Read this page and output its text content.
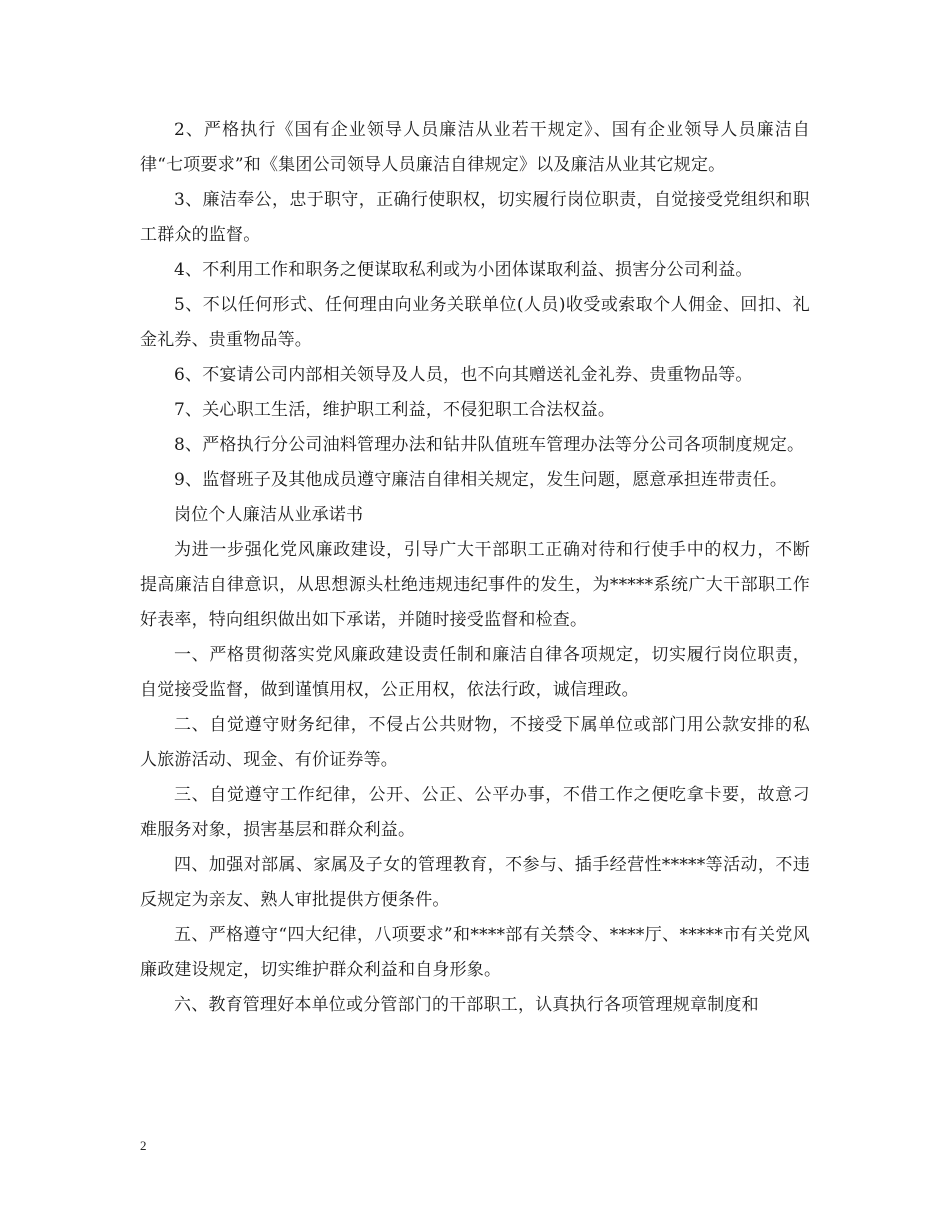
2、严格执行《国有企业领导人员廉洁从业若干规定》、国有企业领导人员廉洁自律“七项要求”和《集团公司领导人员廉洁自律规定》以及廉洁从业其它规定。

3、廉洁奉公，忠于职守，正确行使职权，切实履行岗位职责，自觉接受党组织和职工群众的监督。

4、不利用工作和职务之便谋取私利或为小团体谋取利益、损害分公司利益。

5、不以任何形式、任何理由向业务关联单位(人员)收受或索取个人佣金、回扣、礼金礼券、贵重物品等。

6、不宴请公司内部相关领导及人员，也不向其赠送礼金礼券、贵重物品等。

7、关心职工生活，维护职工利益，不侵犯职工合法权益。

8、严格执行分公司油料管理办法和钻井队值班车管理办法等分公司各项制度规定。

9、监督班子及其他成员遵守廉洁自律相关规定，发生问题，愿意承担连带责任。

岗位个人廉洁从业承诺书

为进一步强化党风廉政建设，引导广大干部职工正确对待和行使手中的权力，不断提高廉洁自律意识，从思想源头杜绝违规违纪事件的发生，为*****系统广大干部职工作好表率，特向组织做出如下承诺，并随时接受监督和检查。

一、严格贯彻落实党风廉政建设责任制和廉洁自律各项规定，切实履行岗位职责，自觉接受监督，做到谨慎用权，公正用权，依法行政，诚信理政。

二、自觉遵守财务纪律，不侵占公共财物，不接受下属单位或部门用公款安排的私人旅游活动、现金、有价证券等。

三、自觉遵守工作纪律，公开、公正、公平办事，不借工作之便吃拿卡要，故意刁难服务对象，损害基层和群众利益。

四、加强对部属、家属及子女的管理教育，不参与、插手经营性*****等活动，不违反规定为亲友、熟人审批提供方便条件。

五、严格遵守“四大纪律，八项要求”和****部有关禁令、****厅、*****市有关党风廉政建设规定，切实维护群众利益和自身形象。

六、教育管理好本单位或分管部门的干部职工，认真执行各项管理规章制度和

2
